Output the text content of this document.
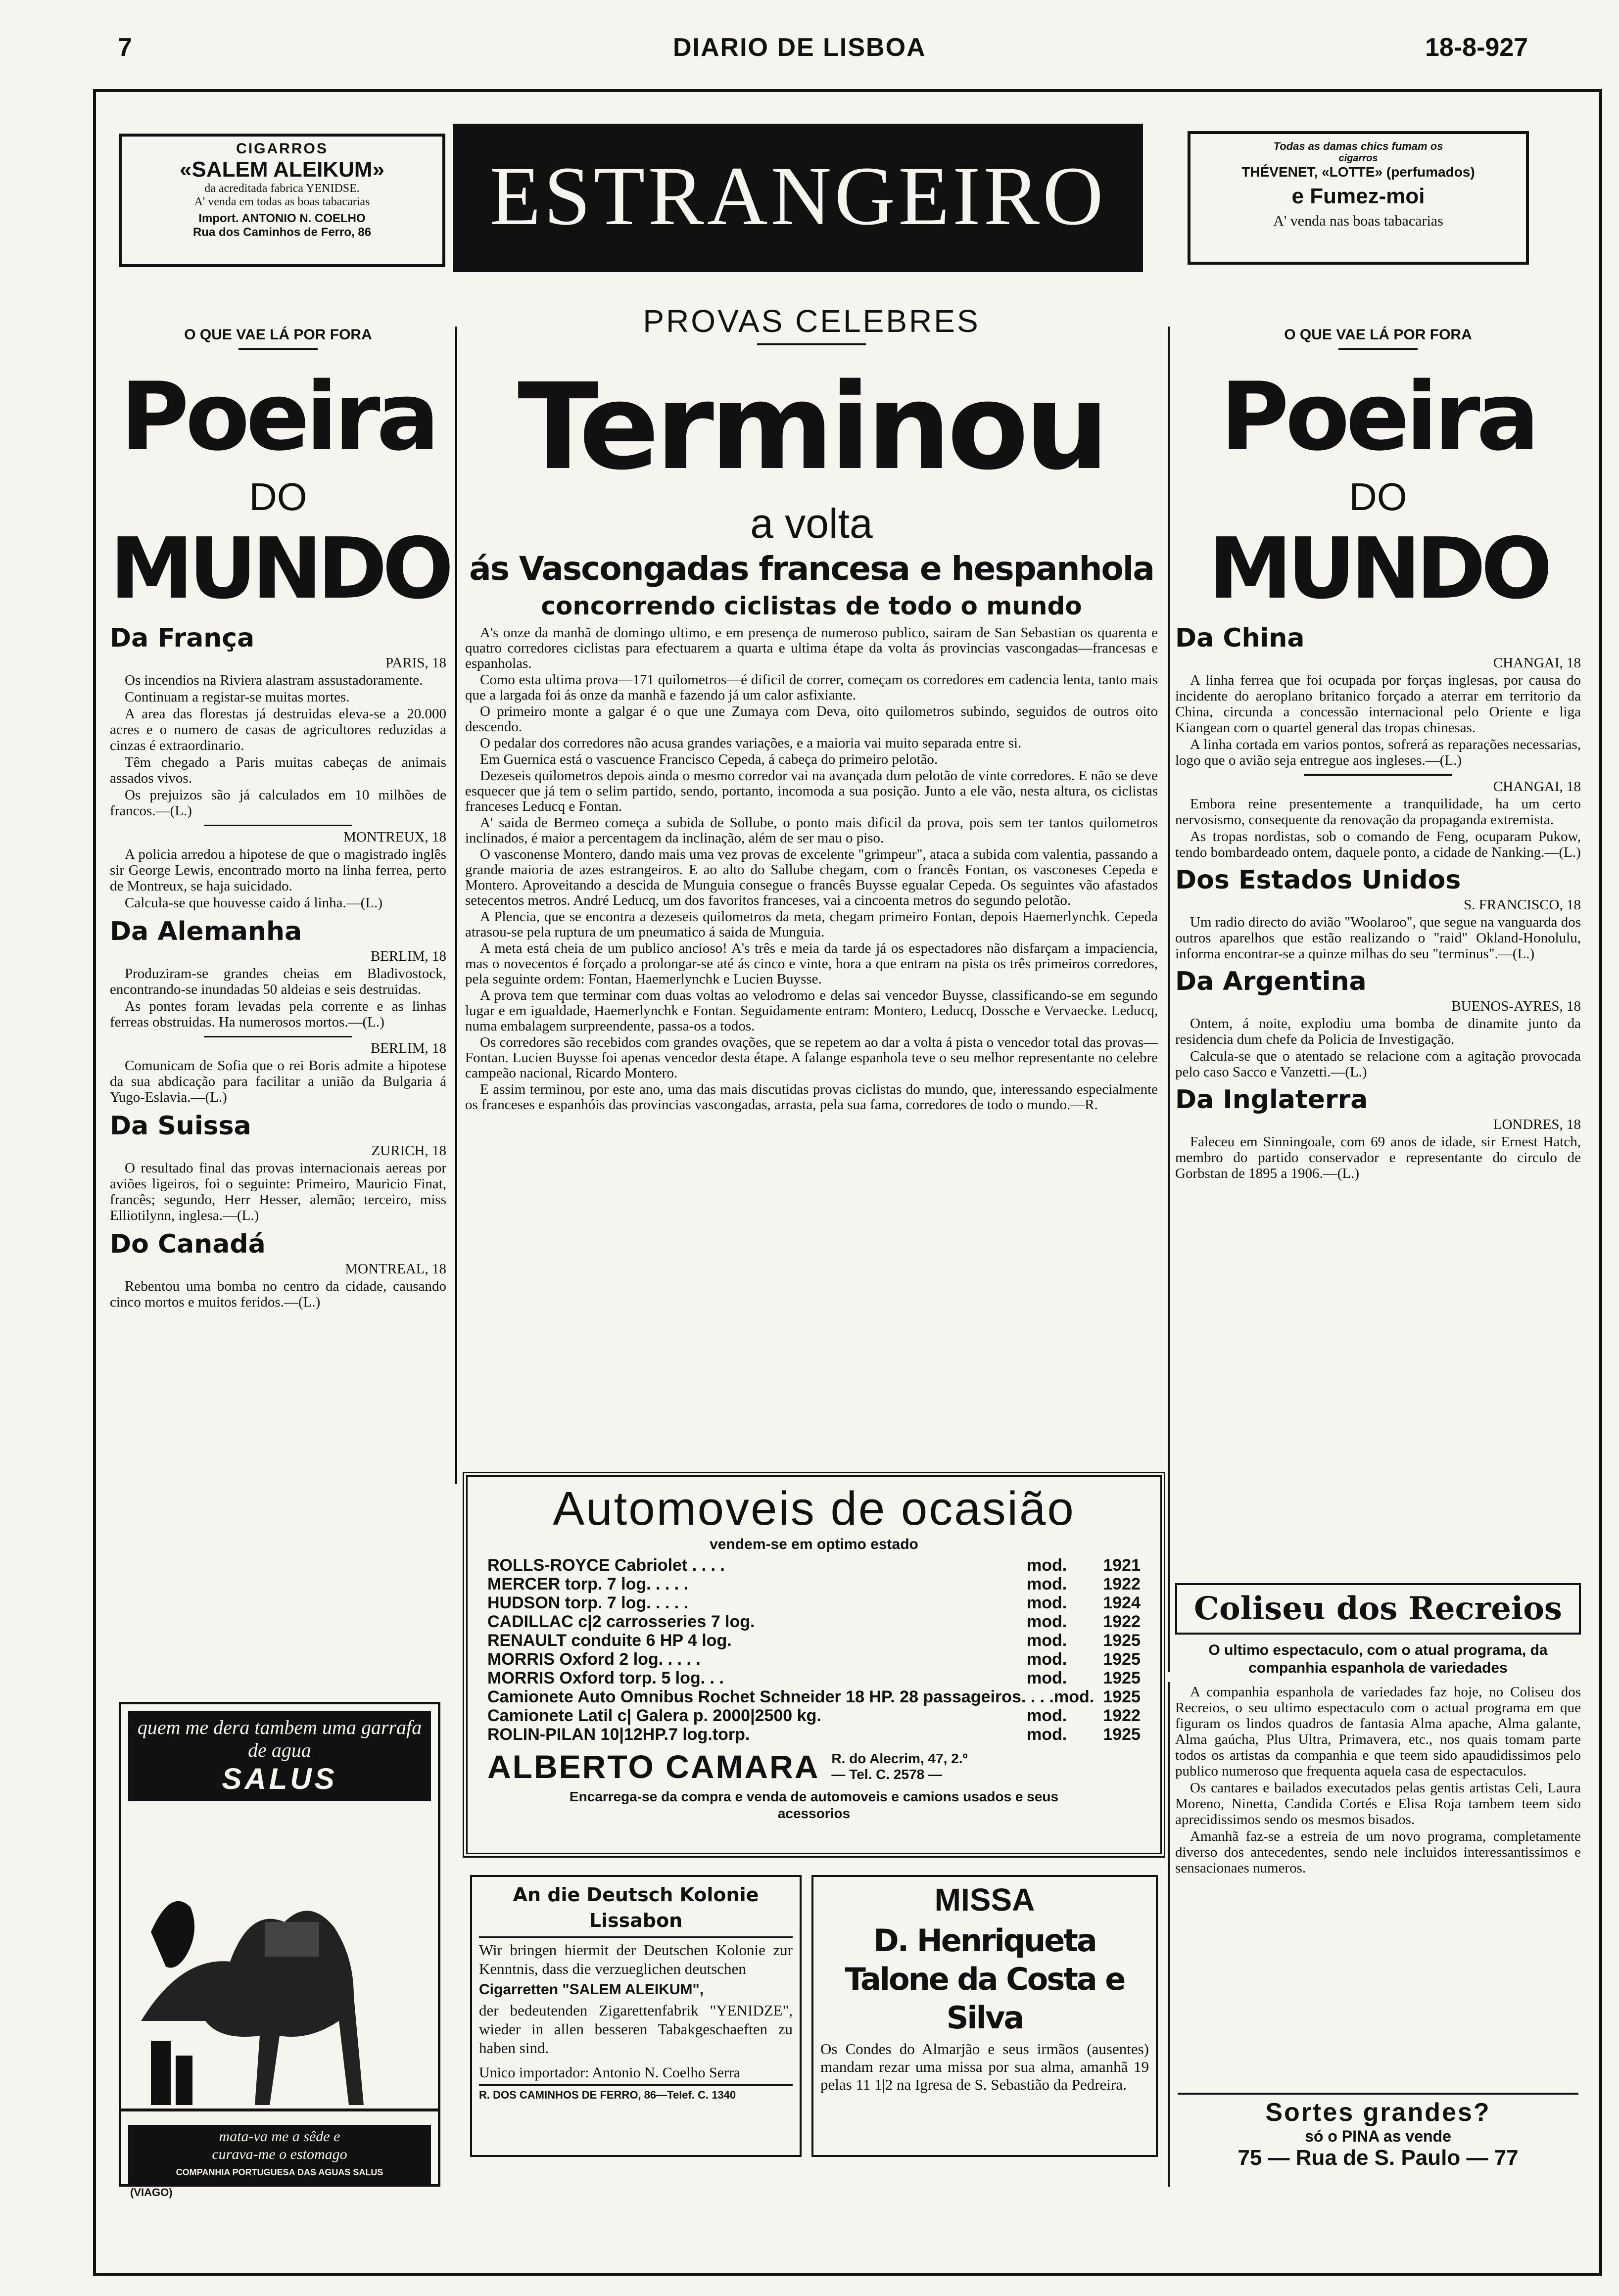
7	DIARIO DE LISBOA	18-8-927
CIGARROS
«SALEM ALEIKUM»
da acreditada fabrica YENIDSE.
A' venda em todas as boas tabacarias
Import. ANTONIO N. COELHO
Rua dos Caminhos de Ferro, 86	ESTRANGEIRO
Todas as damas chics fumam os
cigarros
THÉVENET, «LOTTE» (perfumados)
e Fumez-moi
A' venda nas boas tabacarias
O QUE VAE LÁ POR FORA
Poeira
DO
MUNDO
Da França
PARIS, 18

Os incendios na Riviera alastram assustadoramente.

Continuam a registar-se muitas mortes.

A area das florestas já destruidas eleva-se a 20.000 acres e o numero de casas de agricultores reduzidas a cinzas é extraordinario.

Têm chegado a Paris muitas cabeças de animais assados vivos.

Os prejuizos são já calculados em 10 milhões de francos.—(L.)

MONTREUX, 18

A policia arredou a hipotese de que o magistrado inglês sir George Lewis, encontrado morto na linha ferrea, perto de Montreux, se haja suicidado.

Calcula-se que houvesse caido á linha.—(L.)

Da Alemanha
BERLIM, 18

Produziram-se grandes cheias em Bladivostock, encontrando-se inundadas 50 aldeias e seis destruidas.

As pontes foram levadas pela corrente e as linhas ferreas obstruidas. Ha numerosos mortos.—(L.)

BERLIM, 18

Comunicam de Sofia que o rei Boris admite a hipotese da sua abdicação para facilitar a união da Bulgaria á Yugo-Eslavia.—(L.)

Da Suissa
ZURICH, 18

O resultado final das provas internacionais aereas por aviões ligeiros, foi o seguinte: Primeiro, Mauricio Finat, francês; segundo, Herr Hesser, alemão; terceiro, miss Elliotilynn, inglesa.—(L.)

Do Canadá
MONTREAL, 18

Rebentou uma bomba no centro da cidade, causando cinco mortos e muitos feridos.—(L.)

quem me dera tambem uma garrafa de agua
SALUS
mata-va me a sêde e
curava-me o estomago
COMPANHIA PORTUGUESA DAS AGUAS SALUS
(VIAGO)
PROVAS CELEBRES
Terminou
a volta
ás Vascongadas francesa e hespanhola
concorrendo ciclistas de todo o mundo

A's onze da manhã de domingo ultimo, e em presença de numeroso publico, sairam de San Sebastian os quarenta e quatro corredores ciclistas para efectuarem a quarta e ultima étape da volta ás provincias vascongadas—francesas e espanholas.

Como esta ultima prova—171 quilometros—é dificil de correr, começam os corredores em cadencia lenta, tanto mais que a largada foi ás onze da manhã e fazendo já um calor asfixiante.

O primeiro monte a galgar é o que une Zumaya com Deva, oito quilometros subindo, seguidos de outros oito descendo.

O pedalar dos corredores não acusa grandes variações, e a maioria vai muito separada entre si.

Em Guernica está o vascuence Francisco Cepeda, á cabeça do primeiro pelotão.

Dezeseis quilometros depois ainda o mesmo corredor vai na avançada dum pelotão de vinte corredores. E não se deve esquecer que já tem o selim partido, sendo, portanto, incomoda a sua posição. Junto a ele vão, nesta altura, os ciclistas franceses Leducq e Fontan.

A' saida de Bermeo começa a subida de Sollube, o ponto mais dificil da prova, pois sem ter tantos quilometros inclinados, é maior a percentagem da inclinação, além de ser mau o piso.

O vasconense Montero, dando mais uma vez provas de excelente "grimpeur", ataca a subida com valentia, passando a grande maioria de azes estrangeiros. E ao alto do Sallube chegam, com o francês Fontan, os vasconeses Cepeda e Montero. Aproveitando a descida de Munguia consegue o francês Buysse egualar Cepeda. Os seguintes vão afastados setecentos metros. André Leducq, um dos favoritos franceses, vai a cincoenta metros do segundo pelotão.

A Plencia, que se encontra a dezeseis quilometros da meta, chegam primeiro Fontan, depois Haemerlynchk. Cepeda atrasou-se pela ruptura de um pneumatico á saida de Munguia.

A meta está cheia de um publico ancioso! A's três e meia da tarde já os espectadores não disfarçam a impaciencia, mas o novecentos é forçado a prolongar-se até ás cinco e vinte, hora a que entram na pista os três primeiros corredores, pela seguinte ordem: Fontan, Haemerlynchk e Lucien Buysse.

A prova tem que terminar com duas voltas ao velodromo e delas sai vencedor Buysse, classificando-se em segundo lugar e em igualdade, Haemerlynchk e Fontan. Seguidamente entram: Montero, Leducq, Dossche e Vervaecke. Leducq, numa embalagem surpreendente, passa-os a todos.

Os corredores são recebidos com grandes ovações, que se repetem ao dar a volta á pista o vencedor total das provas—Fontan. Lucien Buysse foi apenas vencedor desta étape. A falange espanhola teve o seu melhor representante no celebre campeão nacional, Ricardo Montero.

E assim terminou, por este ano, uma das mais discutidas provas ciclistas do mundo, que, interessando especialmente os franceses e espanhóis das provincias vascongadas, arrasta, pela sua fama, corredores de todo o mundo.—R.

Automoveis de ocasião
vendem-se em optimo estado
ROLLS-ROYCE Cabriolet . . . .	mod.	1921
MERCER torp. 7 log. . . . .	mod.	1922
HUDSON torp. 7 log. . . . .	mod.	1924
CADILLAC c|2 carrosseries 7 log.	mod.	1922
RENAULT conduite 6 HP 4 log.	mod.	1925
MORRIS Oxford 2 log. . . . .	mod.	1925
MORRIS Oxford torp. 5 log. . .	mod.	1925
Camionete Auto Omnibus Rochet Schneider 18 HP. 28 passageiros. . . . mod. 1925
Camionete Latil c| Galera p. 2000|2500 kg.	mod.	1922
ROLIN-PILAN 10|12HP.7 log.torp.	mod.	1925
ALBERTO CAMARA R. do Alecrim, 47, 2.º
— Tel. C. 2578 —
Encarrega-se da compra e venda de automoveis e camions usados e seus acessorios
An die Deutsch Kolonie Lissabon
Wir bringen hiermit der Deutschen Kolonie zur Kenntnis, dass die verzueglichen deutschen
Cigarretten "SALEM ALEIKUM",
der bedeutenden Zigarettenfabrik "YENIDZE", wieder in allen besseren Tabakgeschaeften zu haben sind.
Unico importador: Antonio N. Coelho Serra
R. DOS CAMINHOS DE FERRO, 86—Telef. C. 1340
MISSA
D. Henriqueta Talone da Costa e Silva
Os Condes do Almarjão e seus irmãos (ausentes) mandam rezar uma missa por sua alma, amanhã 19 pelas 11 1|2 na Igresa de S. Sebastião da Pedreira.
O QUE VAE LÁ POR FORA
Poeira
DO
MUNDO
Da China
CHANGAI, 18

A linha ferrea que foi ocupada por forças inglesas, por causa do incidente do aeroplano britanico forçado a aterrar em territorio da China, circunda a concessão internacional pelo Oriente e liga Kiangean com o quartel general das tropas chinesas.

A linha cortada em varios pontos, sofrerá as reparações necessarias, logo que o avião seja entregue aos ingleses.—(L.)

CHANGAI, 18

Embora reine presentemente a tranquilidade, ha um certo nervosismo, consequente da renovação da propaganda extremista.

As tropas nordistas, sob o comando de Feng, ocuparam Pukow, tendo bombardeado ontem, daquele ponto, a cidade de Nanking.—(L.)

Dos Estados Unidos
S. FRANCISCO, 18

Um radio directo do avião "Woolaroo", que segue na vanguarda dos outros aparelhos que estão realizando o "raid" Okland-Honolulu, informa encontrar-se a quinze milhas do seu "terminus".—(L.)

Da Argentina
BUENOS-AYRES, 18

Ontem, á noite, explodiu uma bomba de dinamite junto da residencia dum chefe da Policia de Investigação.

Calcula-se que o atentado se relacione com a agitação provocada pelo caso Sacco e Vanzetti.—(L.)

Da Inglaterra
LONDRES, 18

Faleceu em Sinningoale, com 69 anos de idade, sir Ernest Hatch, membro do partido conservador e representante do circulo de Gorbstan de 1895 a 1906.—(L.)

Coliseu dos Recreios
O ultimo espectaculo, com o atual programa, da companhia espanhola de variedades

A companhia espanhola de variedades faz hoje, no Coliseu dos Recreios, o seu ultimo espectaculo com o actual programa em que figuram os lindos quadros de fantasia Alma apache, Alma galante, Alma gaúcha, Plus Ultra, Primavera, etc., nos quais tomam parte todos os artistas da companhia e que teem sido apaudidissimos pelo publico numeroso que frequenta aquela casa de espectaculos.

Os cantares e bailados executados pelas gentis artistas Celi, Laura Moreno, Ninetta, Candida Cortés e Elisa Roja tambem teem sido aprecidissimos sendo os mesmos bisados.

Amanhã faz-se a estreia de um novo programa, completamente diverso dos antecedentes, sendo nele incluidos interessantissimos e sensacionaes numeros.

Sortes grandes?
só o PINA as vende
75 — Rua de S. Paulo — 77
